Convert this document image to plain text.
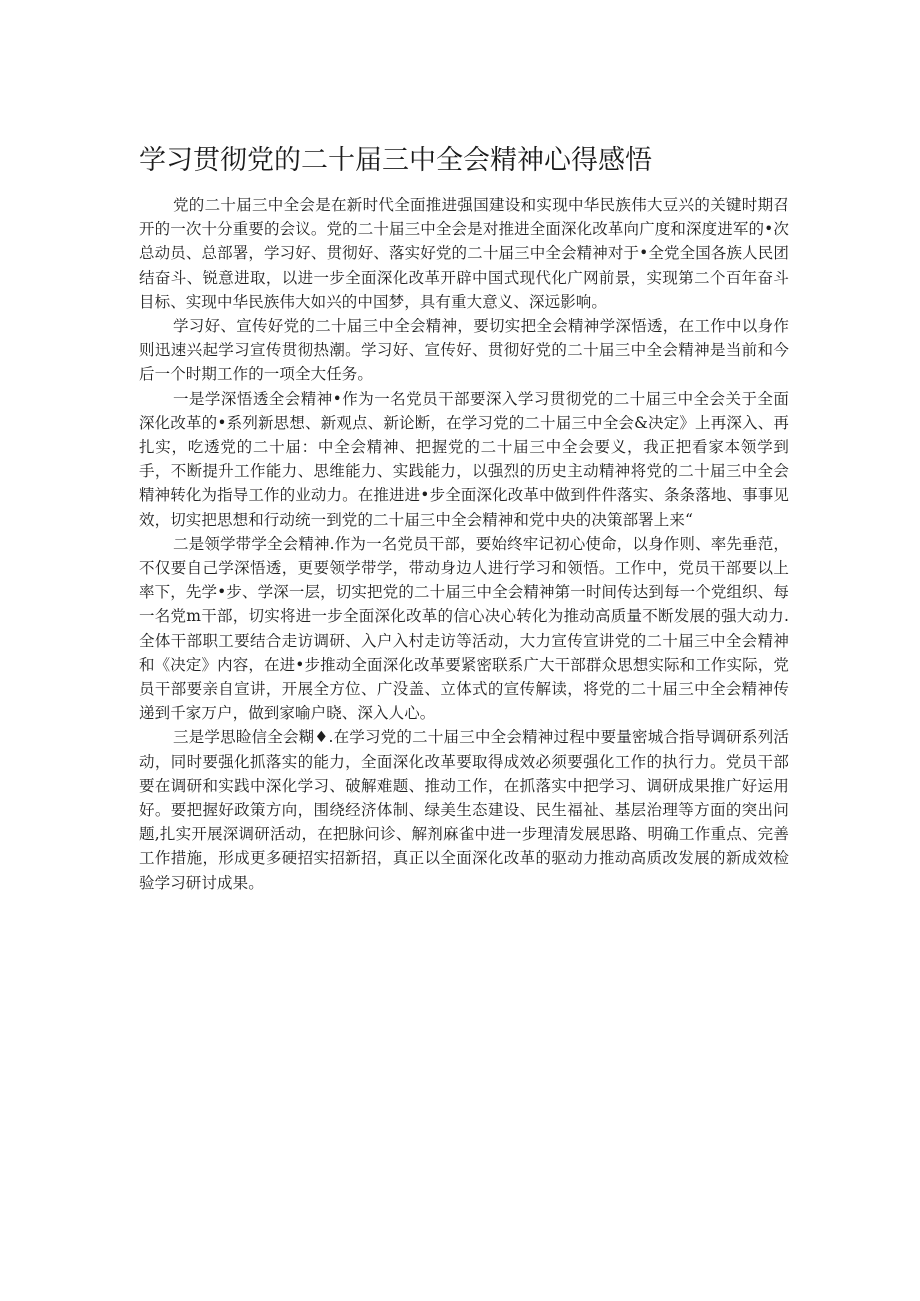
学习贯彻党的二十届三中全会精神心得感悟

党的二十届三中全会是在新时代全面推进强国建设和实现中华民族伟大豆兴的关键时期召开的一次十分重要的会议。党的二十届三中全会是对推进全面深化改革向广度和深度进军的•次总动员、总部署，学习好、贯彻好、落实好党的二十届三中全会精神对于•全党全国各族人民团结奋斗、锐意进取，以进一步全面深化改革开辟中国式现代化广网前景，实现第二个百年奋斗目标、实现中华民族伟大如兴的中国梦，具有重大意义、深远影响。

学习好、宣传好党的二十届三中全会精神，要切实把全会精神学深悟透，在工作中以身作则迅速兴起学习宣传贯彻热潮。学习好、宣传好、贯彻好党的二十届三中全会精神是当前和今后一个时期工作的一项全大任务。

一是学深悟透全会精神•作为一名党员干部要深入学习贯彻党的二十届三中全会关于全面深化改革的•系列新思想、新观点、新论断，在学习党的二十届三中全会&决定》上再深入、再扎实，吃透党的二十届：中全会精神、把握党的二十届三中全会要义，我正把看家本领学到手，不断提升工作能力、思维能力、实践能力，以强烈的历史主动精神将党的二十届三中全会精神转化为指导工作的业动力。在推进进•步全面深化改革中做到件件落实、条条落地、事事见效，切实把思想和行动统一到党的二十届三中全会精神和党中央的决策部署上来“

二是领学带学全会精神.作为一名党员干部，要始终牢记初心使命，以身作则、率先垂范，不仅要自己学深悟透，更要领学带学，带动身边人进行学习和领悟。工作中，党员干部要以上率下，先学•步、学深一层，切实把党的二十届三中全会精神第一时间传达到每一个党组织、每一名党m干部，切实将进一步全面深化改革的信心决心转化为推动高质量不断发展的强大动力.全体干部职工要结合走访调研、入户入村走访等活动，大力宣传宣讲党的二十届三中全会精神和《决定》内容，在进•步推动全面深化改革要紧密联系广大干部群众思想实际和工作实际，党员干部要亲自宣讲，开展全方位、广没盖、立体式的宣传解读，将党的二十届三中全会精神传递到千家万户，做到家喻户晓、深入人心。

三是学思睑信全会糊♦.在学习党的二十届三中全会精神过程中要量密城合指导调研系列活动，同时要强化抓落实的能力，全面深化改革要取得成效必须要强化工作的执行力。党员干部要在调研和实践中深化学习、破解难题、推动工作，在抓落实中把学习、调研成果推广好运用好。要把握好政策方向，围绕经济体制、绿美生态建设、民生福祉、基层治理等方面的突出问题,扎实开展深调研活动，在把脉问诊、解剂麻雀中进一步理清发展思路、明确工作重点、完善工作措施，形成更多硬招实招新招，真正以全面深化改革的驱动力推动高质改发展的新成效检验学习研讨成果。
